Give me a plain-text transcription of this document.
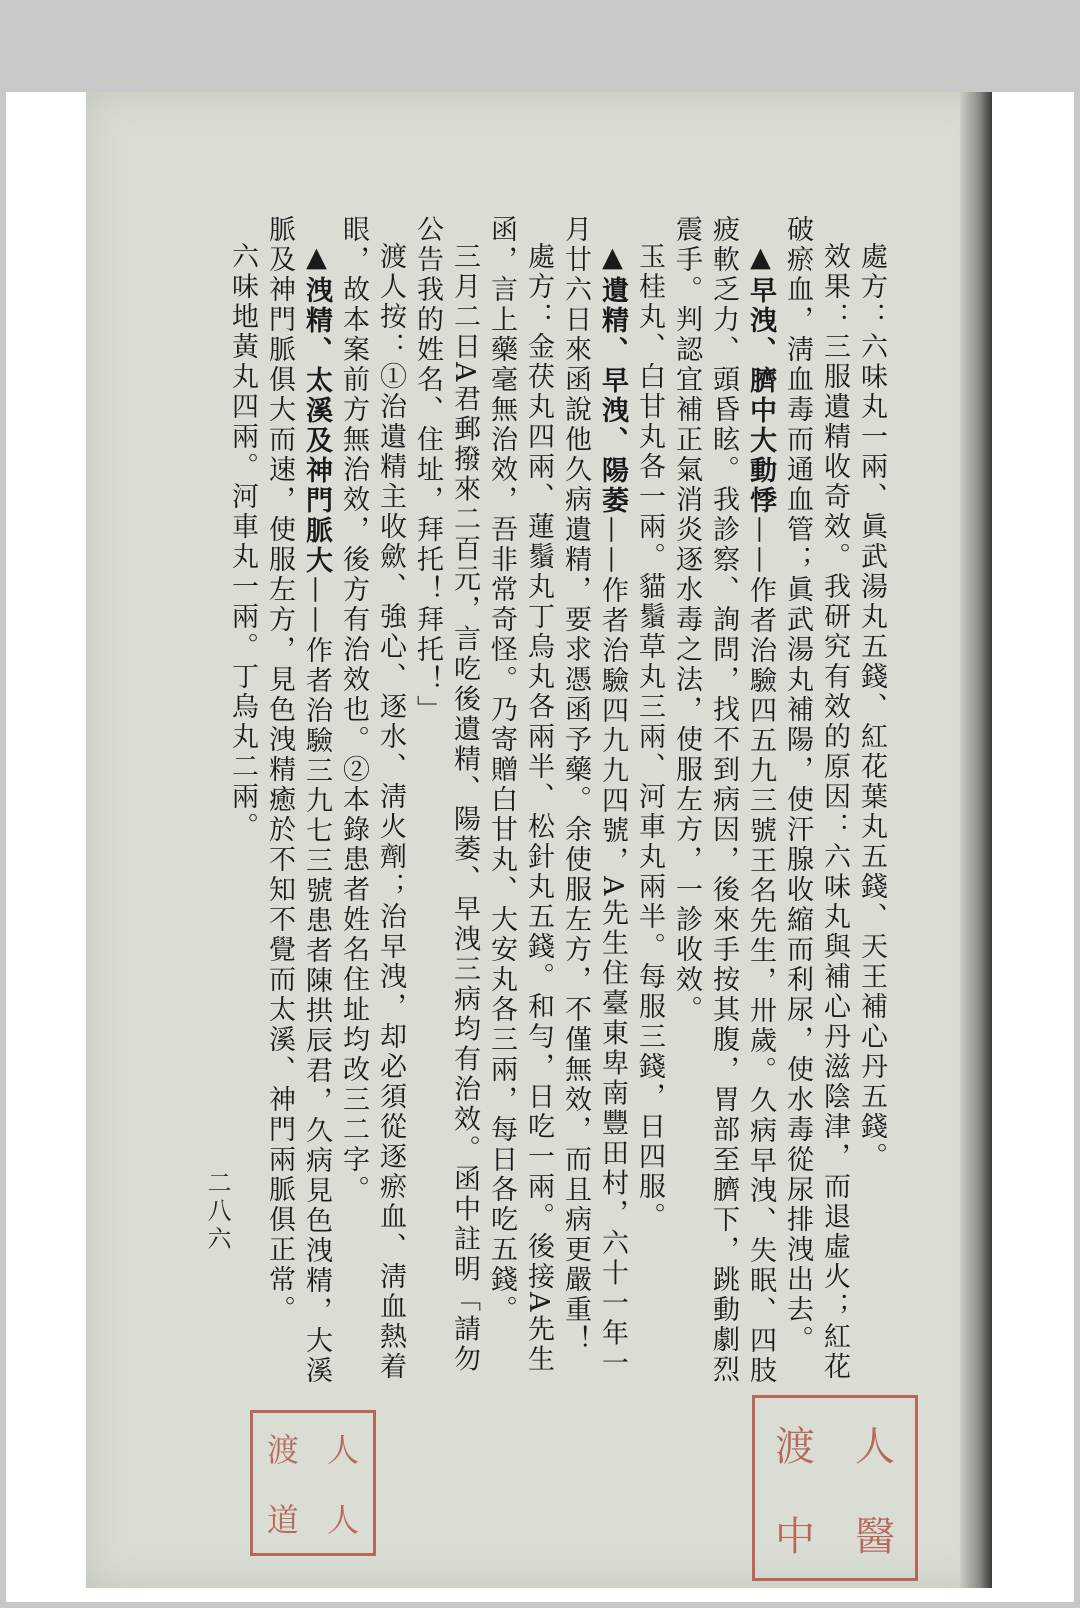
處方：六味丸一兩、眞武湯丸五錢、紅花葉丸五錢、天王補心丹五錢。

效果：三服遺精收奇效。我研究有效的原因：六味丸與補心丹滋陰津，而退虛火；紅花破瘀血，淸血毒而通血管；眞武湯丸補陽，使汗腺收縮而利尿，使水毒從尿排洩出去。

▲早洩、臍中大動悸——作者治驗四五九三號王名先生，卅歲。久病早洩、失眠、四肢疲軟乏力、頭昏眩。我診察、詢問，找不到病因，後來手按其腹，胃部至臍下，跳動劇烈震手。判認宜補正氣消炎逐水毒之法，使服左方，一診收效。

玉桂丸、白甘丸各一兩。貓鬚草丸三兩、河車丸兩半。每服三錢，日四服。

▲遺精、早洩、陽萎——作者治驗四九九四號，A先生住臺東卑南豐田村，六十一年一月廿六日來函說他久病遺精，要求憑函予藥。余使服左方，不僅無效，而且病更嚴重！

處方：金茯丸四兩、蓮鬚丸丁烏丸各兩半、松針丸五錢。和勻，日吃一兩。後接A先生函，言上藥毫無治效，吾非常奇怪。乃寄贈白甘丸、大安丸各三兩，每日各吃五錢。

三月二日A君郵撥來二百元，言吃後遺精、陽萎、早洩三病均有治效。函中註明「請勿公告我的姓名、住址，拜托！拜托！」

渡人按：①治遺精主收歛、強心、逐水、淸火劑；治早洩，却必須從逐瘀血、淸血熱着眼，故本案前方無治效，後方有治效也。②本錄患者姓名住址均改三二字。

▲洩精、太溪及神門脈大——作者治驗三九七三號患者陳拱辰君，久病見色洩精，大溪脈及神門脈俱大而速，使服左方，見色洩精癒於不知不覺而太溪、神門兩脈俱正常。

六味地黃丸四兩。河車丸一兩。丁烏丸二兩。

二八六
渡	人
中	醫
渡 人
道 人
